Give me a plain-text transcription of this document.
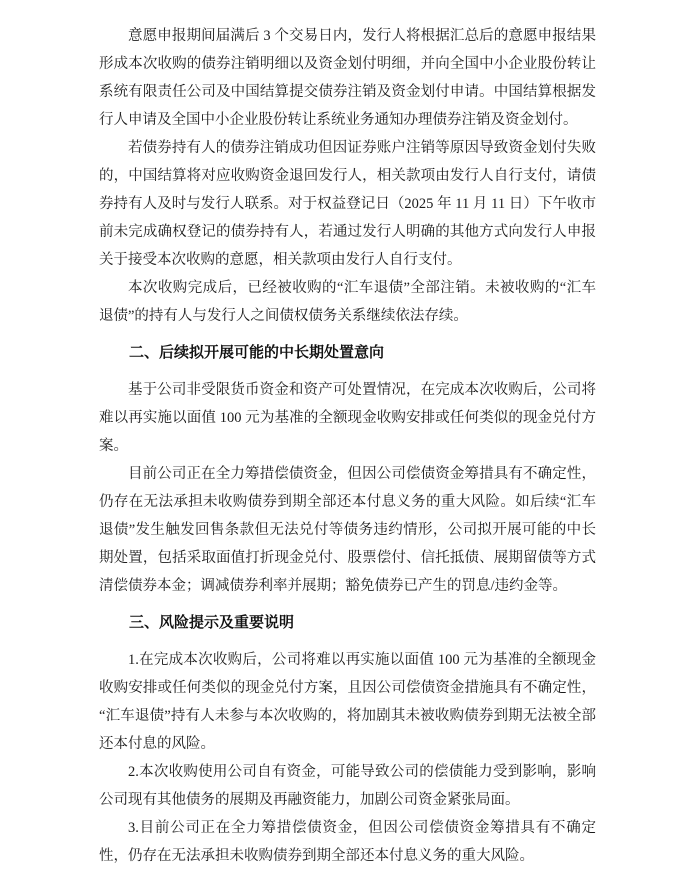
意愿申报期间届满后 3 个交易日内，发行人将根据汇总后的意愿申报结果形成本次收购的债券注销明细以及资金划付明细，并向全国中小企业股份转让系统有限责任公司及中国结算提交债券注销及资金划付申请。中国结算根据发行人申请及全国中小企业股份转让系统业务通知办理债券注销及资金划付。

若债券持有人的债券注销成功但因证券账户注销等原因导致资金划付失败的，中国结算将对应收购资金退回发行人，相关款项由发行人自行支付，请债券持有人及时与发行人联系。对于权益登记日（2025 年 11 月 11 日）下午收市前未完成确权登记的债券持有人，若通过发行人明确的其他方式向发行人申报关于接受本次收购的意愿，相关款项由发行人自行支付。

本次收购完成后，已经被收购的“汇车退债”全部注销。未被收购的“汇车退债”的持有人与发行人之间债权债务关系继续依法存续。

二、后续拟开展可能的中长期处置意向

基于公司非受限货币资金和资产可处置情况，在完成本次收购后，公司将难以再实施以面值 100 元为基准的全额现金收购安排或任何类似的现金兑付方案。

目前公司正在全力筹措偿债资金，但因公司偿债资金筹措具有不确定性，仍存在无法承担未收购债券到期全部还本付息义务的重大风险。如后续“汇车退债”发生触发回售条款但无法兑付等债务违约情形，公司拟开展可能的中长期处置，包括采取面值打折现金兑付、股票偿付、信托抵债、展期留债等方式清偿债券本金；调减债券利率并展期；豁免债券已产生的罚息/违约金等。

三、风险提示及重要说明

1.在完成本次收购后，公司将难以再实施以面值 100 元为基准的全额现金收购安排或任何类似的现金兑付方案，且因公司偿债资金措施具有不确定性，“汇车退债”持有人未参与本次收购的，将加剧其未被收购债券到期无法被全部还本付息的风险。

2.本次收购使用公司自有资金，可能导致公司的偿债能力受到影响，影响公司现有其他债务的展期及再融资能力，加剧公司资金紧张局面。

3.目前公司正在全力筹措偿债资金，但因公司偿债资金筹措具有不确定性，仍存在无法承担未收购债券到期全部还本付息义务的重大风险。
